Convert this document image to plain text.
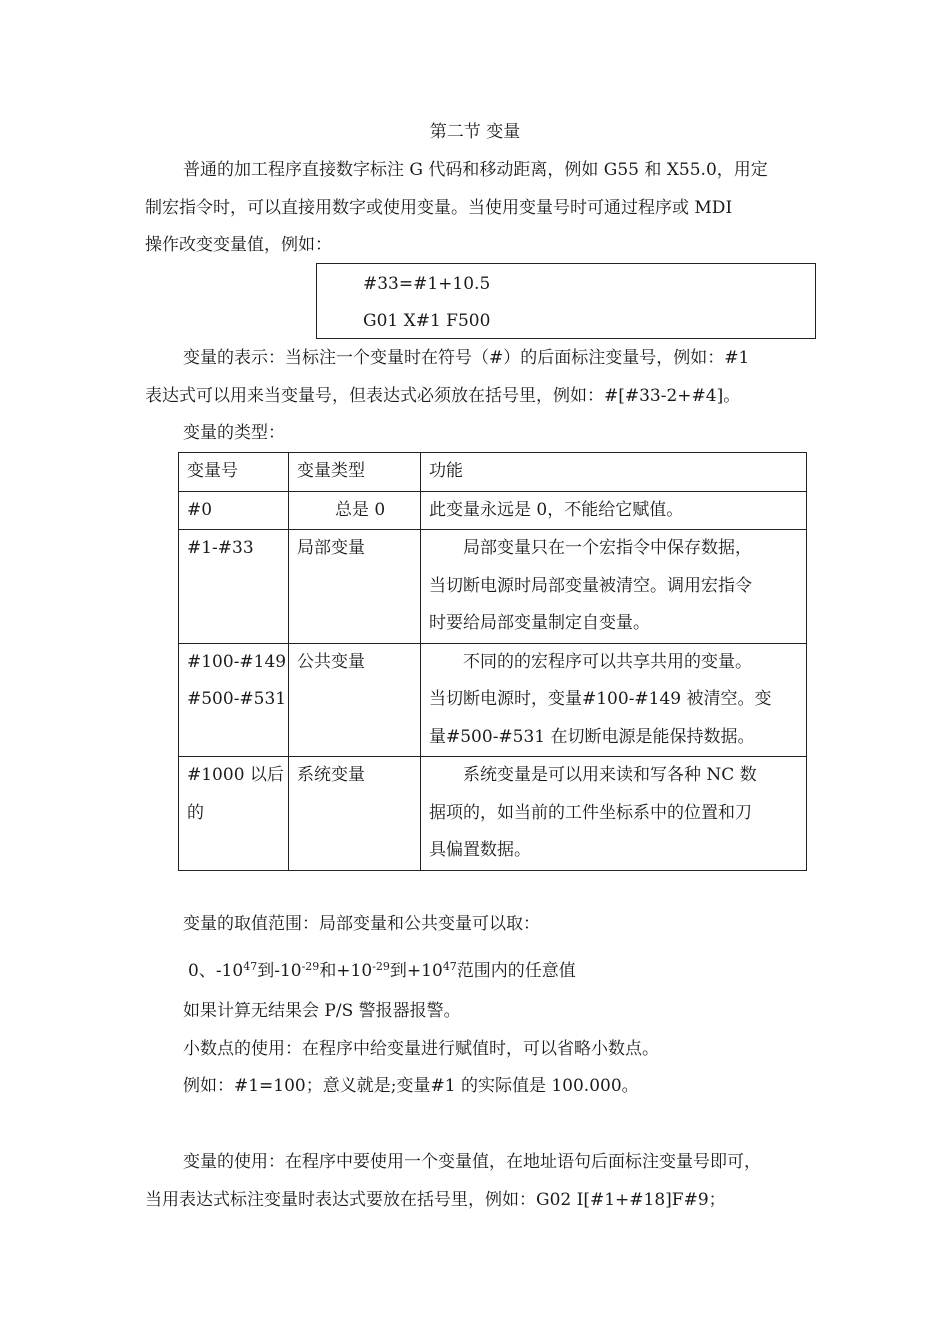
第二节 变量
普通的加工程序直接数字标注 G 代码和移动距离，例如 G55 和 X55.0，用定
制宏指令时，可以直接用数字或使用变量。当使用变量号时可通过程序或 MDI
操作改变变量值，例如：
#33=#1+10.5
G01 X#1 F500
变量的表示：当标注一个变量时在符号（#）的后面标注变量号，例如：#1
表达式可以用来当变量号，但表达式必须放在括号里，例如：#[#33-2+#4]。
变量的类型：
变量号	变量类型	功能

#0	总是 0	此变量永远是 0，不能给它赋值。

#1-#33	局部变量	局部变量只在一个宏指令中保存数据，
当切断电源时局部变量被清空。调用宏指令
时要给局部变量制定自变量。

#100-#149
#500-#531	公共变量	不同的的宏程序可以共享共用的变量。
当切断电源时，变量#100-#149 被清空。变
量#500-#531 在切断电源是能保持数据。

#1000 以后
的	系统变量	系统变量是可以用来读和写各种 NC 数
据项的，如当前的工件坐标系中的位置和刀
具偏置数据。
变量的取值范围：局部变量和公共变量可以取：
0、$-10^{47}$到$-10^{-29}$和$+10^{-29}$到$+10^{47}$范围内的任意值
如果计算无结果会 P/S 警报器报警。
小数点的使用：在程序中给变量进行赋值时，可以省略小数点。
例如：#1=100；意义就是;变量#1 的实际值是 100.000。
变量的使用：在程序中要使用一个变量值，在地址语句后面标注变量号即可，
当用表达式标注变量时表达式要放在括号里，例如：G02 I[#1+#18]F#9；
